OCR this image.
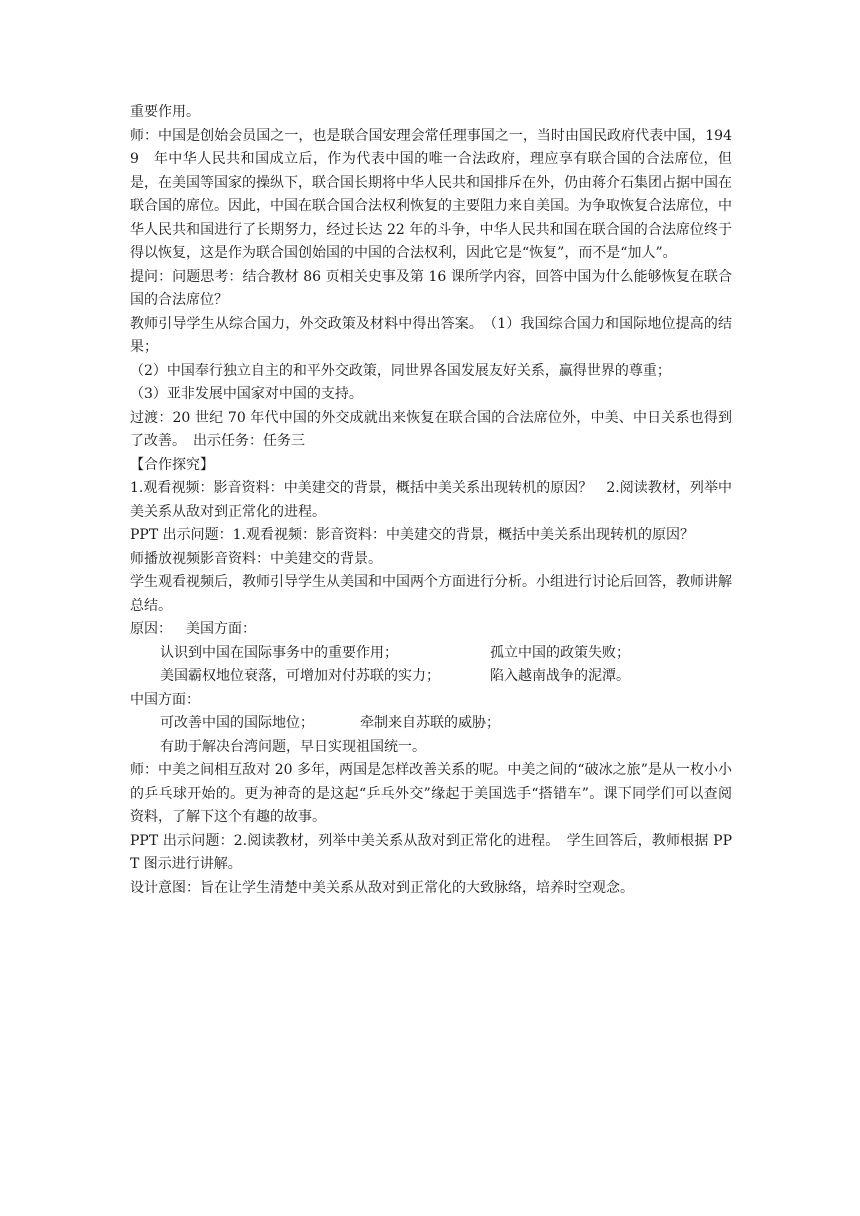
重要作用。

师：中国是创始会员国之一，也是联合国安理会常任理事国之一，当时由国民政府代表中国，1949　年中华人民共和国成立后，作为代表中国的唯一合法政府，理应享有联合国的合法席位，但是，在美国等国家的操纵下，联合国长期将中华人民共和国排斥在外，仍由蒋介石集团占据中国在联合国的席位。因此，中国在联合国合法权利恢复的主要阻力来自美国。为争取恢复合法席位，中华人民共和国进行了长期努力，经过长达 22 年的斗争，中华人民共和国在联合国的合法席位终于得以恢复，这是作为联合国创始国的中国的合法权利，因此它是“恢复”，而不是“加人”。

提问：问题思考：结合教材 86 页相关史事及第 16 课所学内容，回答中国为什么能够恢复在联合国的合法席位？

教师引导学生从综合国力，外交政策及材料中得出答案。　（1）我国综合国力和国际地位提高的结果；

（2）中国奉行独立自主的和平外交政策，同世界各国发展友好关系，赢得世界的尊重；

（3）亚非发展中国家对中国的支持。

过渡：20 世纪 70 年代中国的外交成就出来恢复在联合国的合法席位外，中美、中日关系也得到了改善。　出示任务：任务三

【合作探究】

1.观看视频：影音资料：中美建交的背景，概括中美关系出现转机的原因？　2.阅读教材，列举中美关系从敌对到正常化的进程。

PPT 出示问题：1.观看视频：影音资料：中美建交的背景，概括中美关系出现转机的原因？

师播放视频影音资料：中美建交的背景。

学生观看视频后，教师引导学生从美国和中国两个方面进行分析。小组进行讨论后回答，教师讲解总结。

原因： 美国方面：
认识到中国在国际事务中的重要作用；	孤立中国的政策失败；
美国霸权地位衰落，可增加对付苏联的实力；	陷入越南战争的泥潭。

中国方面：

可改善中国的国际地位；	牵制来自苏联的威胁；

有助于解决台湾问题，早日实现祖国统一。

师：中美之间相互敌对 20 多年，两国是怎样改善关系的呢。中美之间的“破冰之旅”是从一枚小小的乒乓球开始的。更为神奇的是这起“乒乓外交”缘起于美国选手“搭错车”。课下同学们可以查阅资料，了解下这个有趣的故事。

PPT 出示问题：2.阅读教材，列举中美关系从敌对到正常化的进程。　学生回答后，教师根据 PPT 图示进行讲解。

设计意图：旨在让学生清楚中美关系从敌对到正常化的大致脉络，培养时空观念。
